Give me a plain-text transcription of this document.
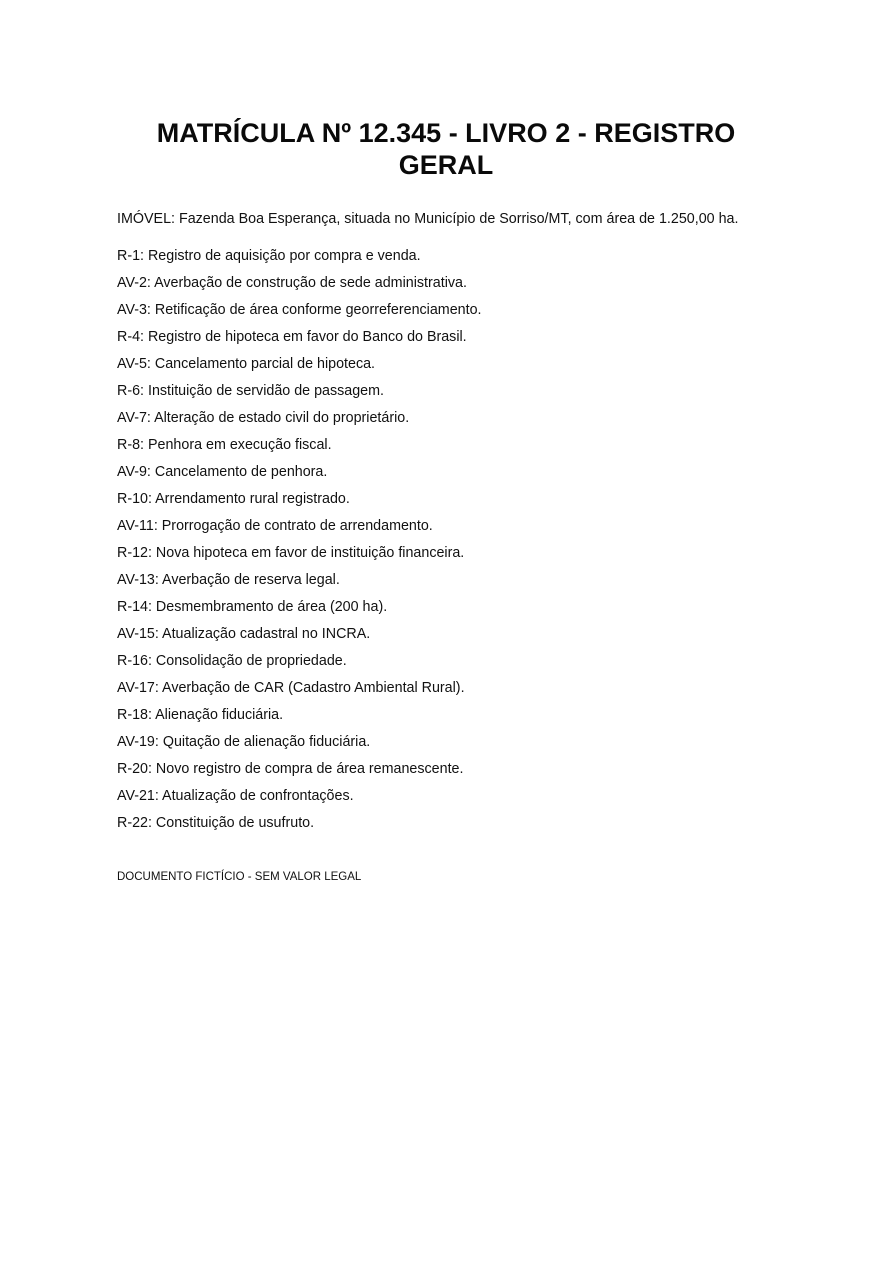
MATRÍCULA Nº 12.345 - LIVRO 2 - REGISTRO GERAL

IMÓVEL: Fazenda Boa Esperança, situada no Município de Sorriso/MT, com área de 1.250,00 ha.

R-1: Registro de aquisição por compra e venda.
AV-2: Averbação de construção de sede administrativa.
AV-3: Retificação de área conforme georreferenciamento.
R-4: Registro de hipoteca em favor do Banco do Brasil.
AV-5: Cancelamento parcial de hipoteca.
R-6: Instituição de servidão de passagem.
AV-7: Alteração de estado civil do proprietário.
R-8: Penhora em execução fiscal.
AV-9: Cancelamento de penhora.
R-10: Arrendamento rural registrado.
AV-11: Prorrogação de contrato de arrendamento.
R-12: Nova hipoteca em favor de instituição financeira.
AV-13: Averbação de reserva legal.
R-14: Desmembramento de área (200 ha).
AV-15: Atualização cadastral no INCRA.
R-16: Consolidação de propriedade.
AV-17: Averbação de CAR (Cadastro Ambiental Rural).
R-18: Alienação fiduciária.
AV-19: Quitação de alienação fiduciária.
R-20: Novo registro de compra de área remanescente.
AV-21: Atualização de confrontações.
R-22: Constituição de usufruto.

DOCUMENTO FICTÍCIO - SEM VALOR LEGAL
